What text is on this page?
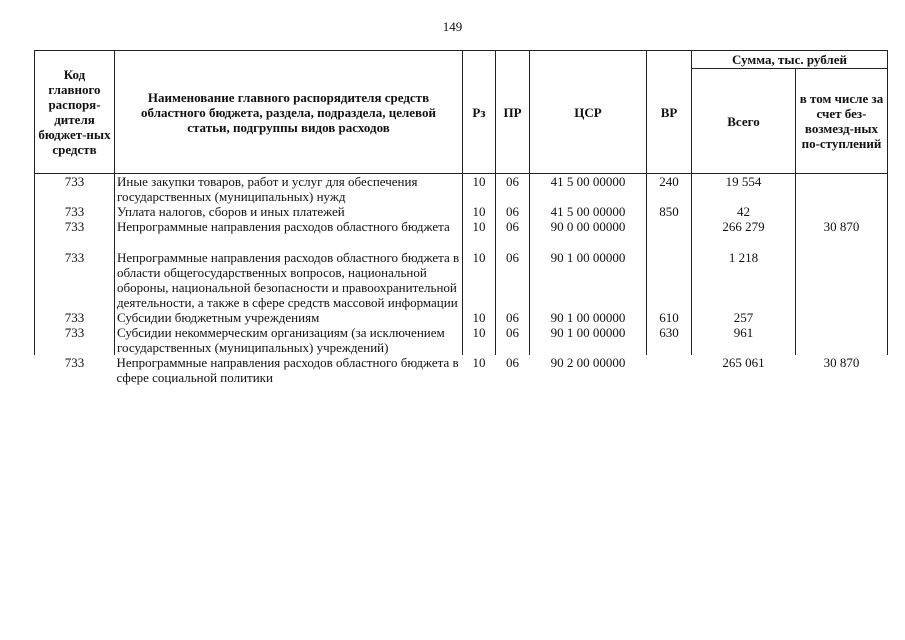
149
Код главного распоря-дителя бюджет-ных средств	Наименование главного распорядителя средств областного бюджета, раздела, подраздела, целевой статьи, подгруппы видов расходов	Рз	ПР	ЦСР	ВР	Сумма, тыс. рублей	
						Всего	в том числе за счет без-возмезд-ных по-ступлений
733	Иные закупки товаров, работ и услуг для обеспечения государственных (муниципальных) нужд	10	06	41 5 00 00000	240	19 554	
733	Уплата налогов, сборов и иных платежей	10	06	41 5 00 00000	850	42	
733	Непрограммные направления расходов областного бюджета	10	06	90 0 00 00000		266 279	30 870
733	Непрограммные направления расходов областного бюджета в области общегосударственных вопросов, национальной обороны, национальной безопасности и правоохранительной деятельности, а также в сфере средств массовой информации	10	06	90 1 00 00000		1 218	
733	Субсидии бюджетным учреждениям	10	06	90 1 00 00000	610	257	
733	Субсидии некоммерческим организациям (за исключением государственных (муниципальных) учреждений)	10	06	90 1 00 00000	630	961	
733	Непрограммные направления расходов областного бюджета в сфере социальной политики	10	06	90 2 00 00000		265 061	30 870
